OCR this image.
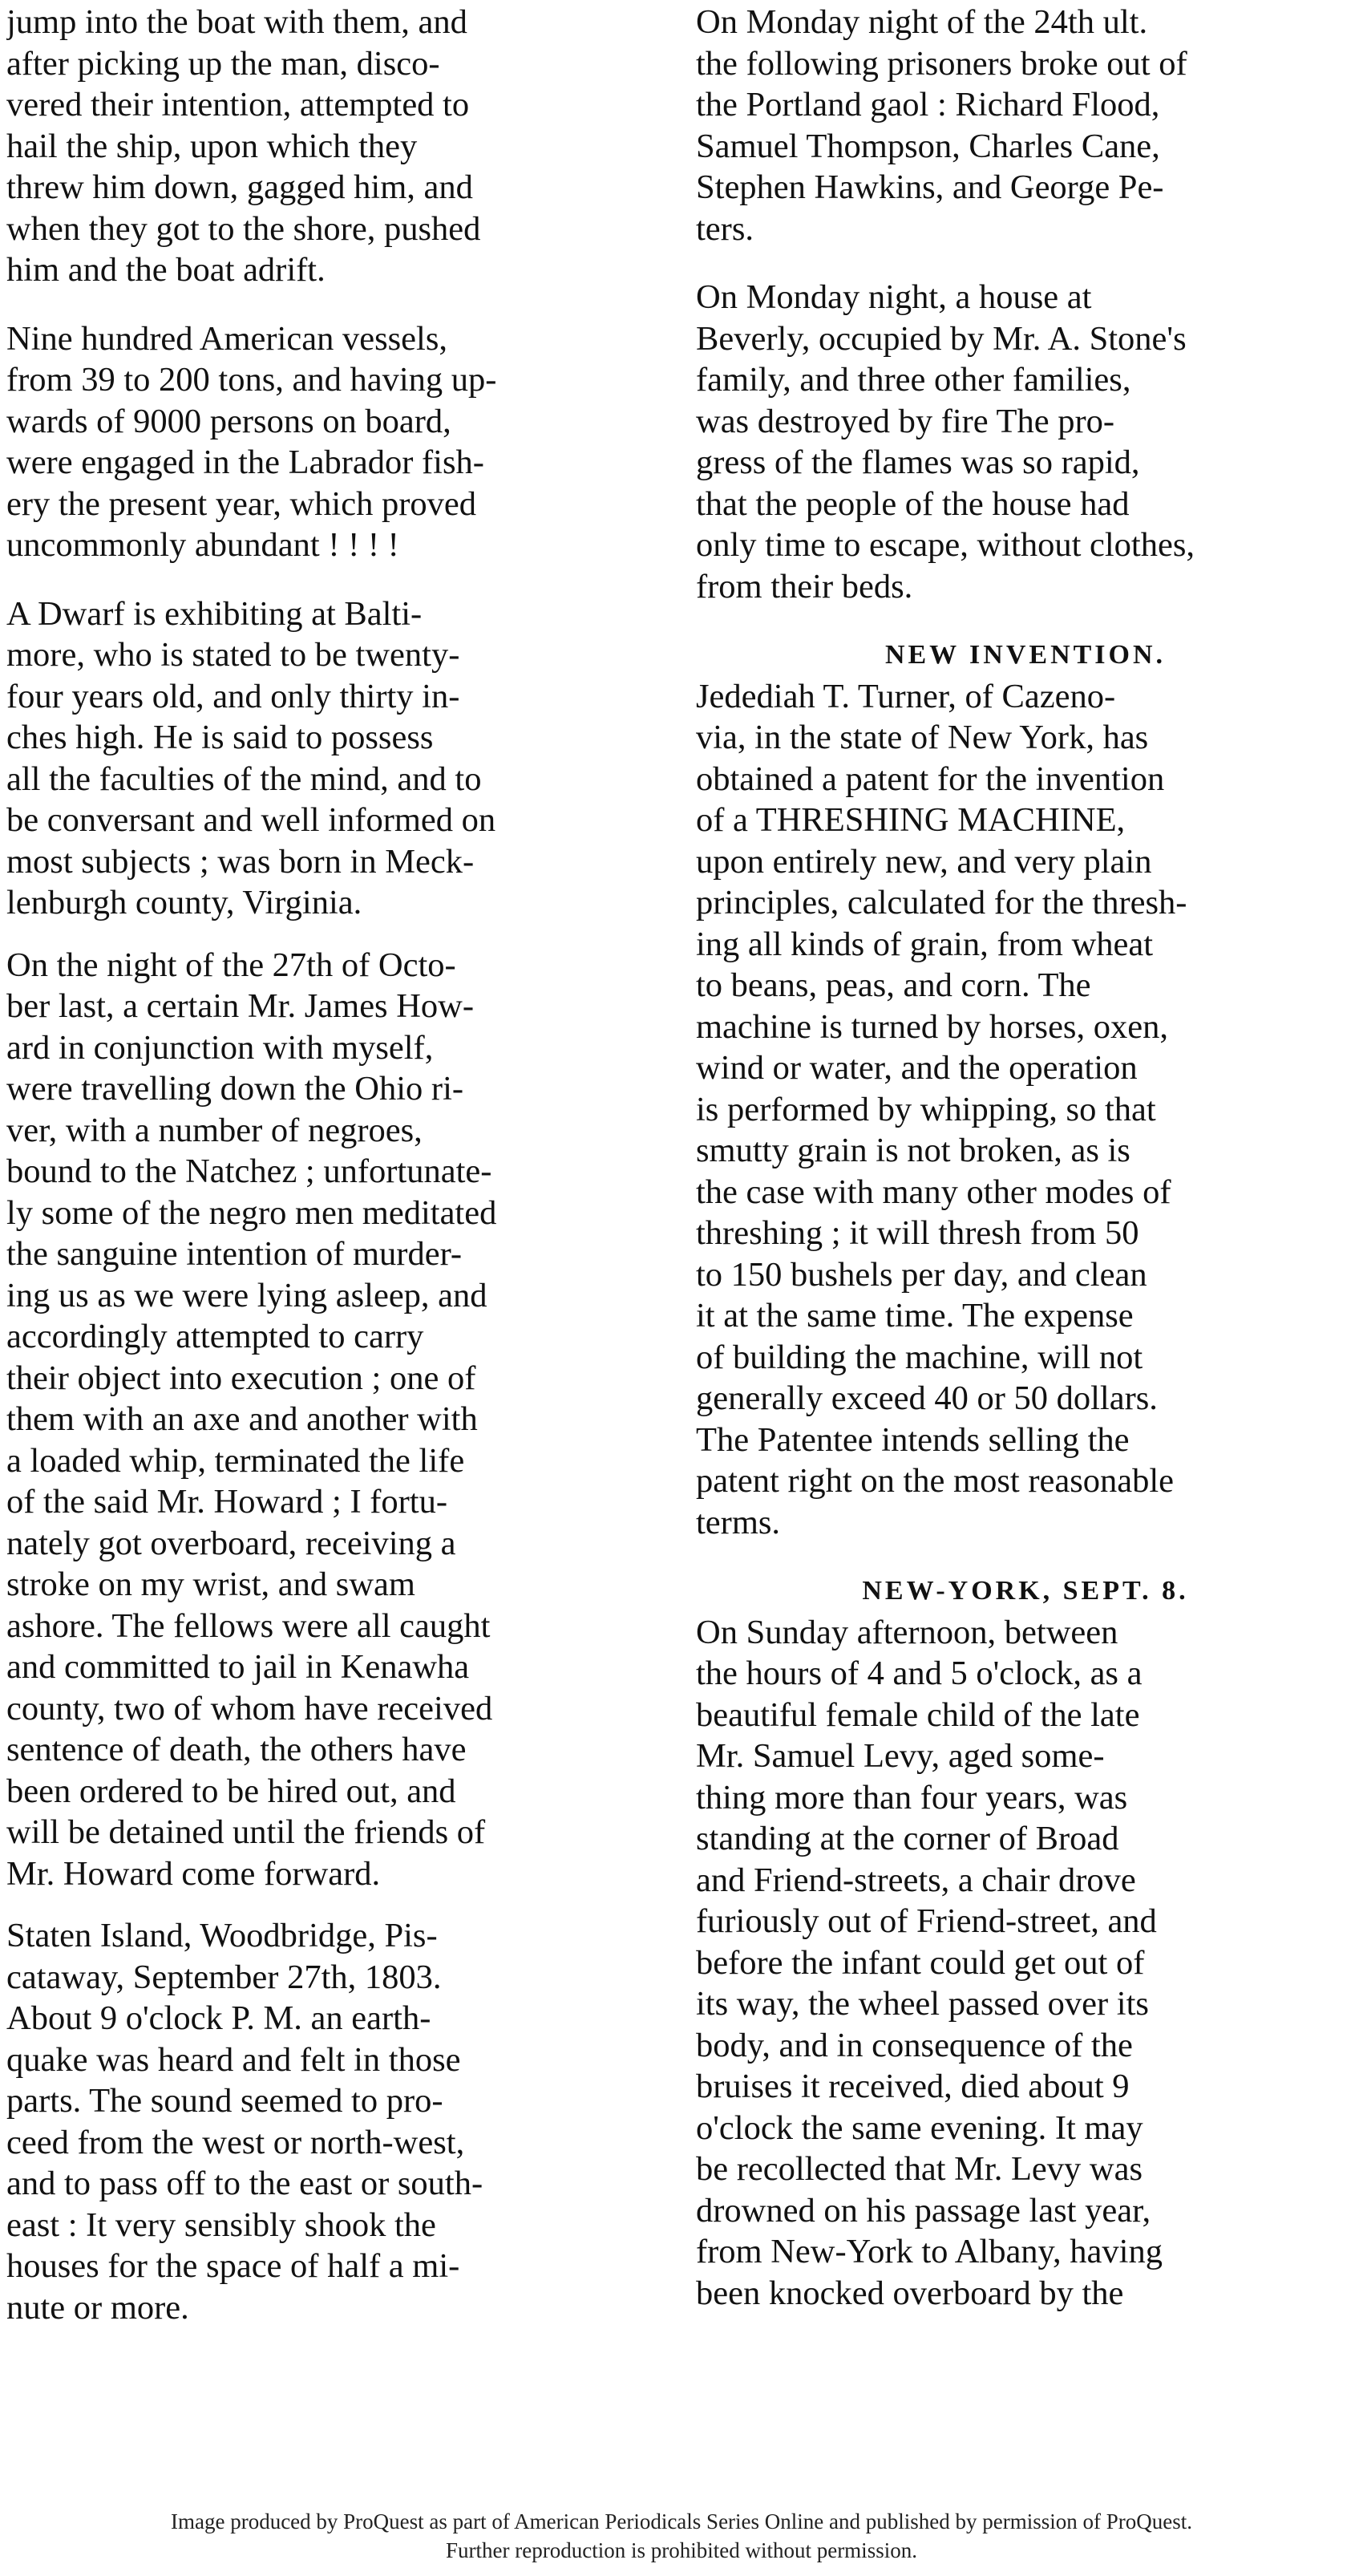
jump into the boat with them, and
after picking up the man, disco-
vered their intention, attempted to
hail the ship, upon which they
threw him down, gagged him, and
when they got to the shore, pushed
him and the boat adrift.

Nine hundred American vessels,
from 39 to 200 tons, and having up-
wards of 9000 persons on board,
were engaged in the Labrador fish-
ery the present year, which proved
uncommonly abundant ! ! ! !

A Dwarf is exhibiting at Balti-
more, who is stated to be twenty-
four years old, and only thirty in-
ches high. He is said to possess
all the faculties of the mind, and to
be conversant and well informed on
most subjects ; was born in Meck-
lenburgh county, Virginia.

On the night of the 27th of Octo-
ber last, a certain Mr. James How-
ard in conjunction with myself,
were travelling down the Ohio ri-
ver, with a number of negroes,
bound to the Natchez ; unfortunate-
ly some of the negro men meditated
the sanguine intention of murder-
ing us as we were lying asleep, and
accordingly attempted to carry
their object into execution ; one of
them with an axe and another with
a loaded whip, terminated the life
of the said Mr. Howard ; I fortu-
nately got overboard, receiving a
stroke on my wrist, and swam
ashore. The fellows were all caught
and committed to jail in Kenawha
county, two of whom have received
sentence of death, the others have
been ordered to be hired out, and
will be detained until the friends of
Mr. Howard come forward.

Staten Island, Woodbridge, Pis-
cataway, September 27th, 1803.
About 9 o'clock P. M. an earth-
quake was heard and felt in those
parts. The sound seemed to pro-
ceed from the west or north-west,
and to pass off to the east or south-
east : It very sensibly shook the
houses for the space of half a mi-
nute or more.

On Monday night of the 24th ult.
the following prisoners broke out of
the Portland gaol : Richard Flood,
Samuel Thompson, Charles Cane,
Stephen Hawkins, and George Pe-
ters.

On Monday night, a house at
Beverly, occupied by Mr. A. Stone's
family, and three other families,
was destroyed by fire The pro-
gress of the flames was so rapid,
that the people of the house had
only time to escape, without clothes,
from their beds.

NEW INVENTION.

Jedediah T. Turner, of Cazeno-
via, in the state of New York, has
obtained a patent for the invention
of a THRESHING MACHINE,
upon entirely new, and very plain
principles, calculated for the thresh-
ing all kinds of grain, from wheat
to beans, peas, and corn. The
machine is turned by horses, oxen,
wind or water, and the operation
is performed by whipping, so that
smutty grain is not broken, as is
the case with many other modes of
threshing ; it will thresh from 50
to 150 bushels per day, and clean
it at the same time. The expense
of building the machine, will not
generally exceed 40 or 50 dollars.
The Patentee intends selling the
patent right on the most reasonable
terms.

NEW-YORK, SEPT. 8.

On Sunday afternoon, between
the hours of 4 and 5 o'clock, as a
beautiful female child of the late
Mr. Samuel Levy, aged some-
thing more than four years, was
standing at the corner of Broad
and Friend-streets, a chair drove
furiously out of Friend-street, and
before the infant could get out of
its way, the wheel passed over its
body, and in consequence of the
bruises it received, died about 9
o'clock the same evening. It may
be recollected that Mr. Levy was
drowned on his passage last year,
from New-York to Albany, having
been knocked overboard by the

Image produced by ProQuest as part of American Periodicals Series Online and published by permission of ProQuest.
Further reproduction is prohibited without permission.
